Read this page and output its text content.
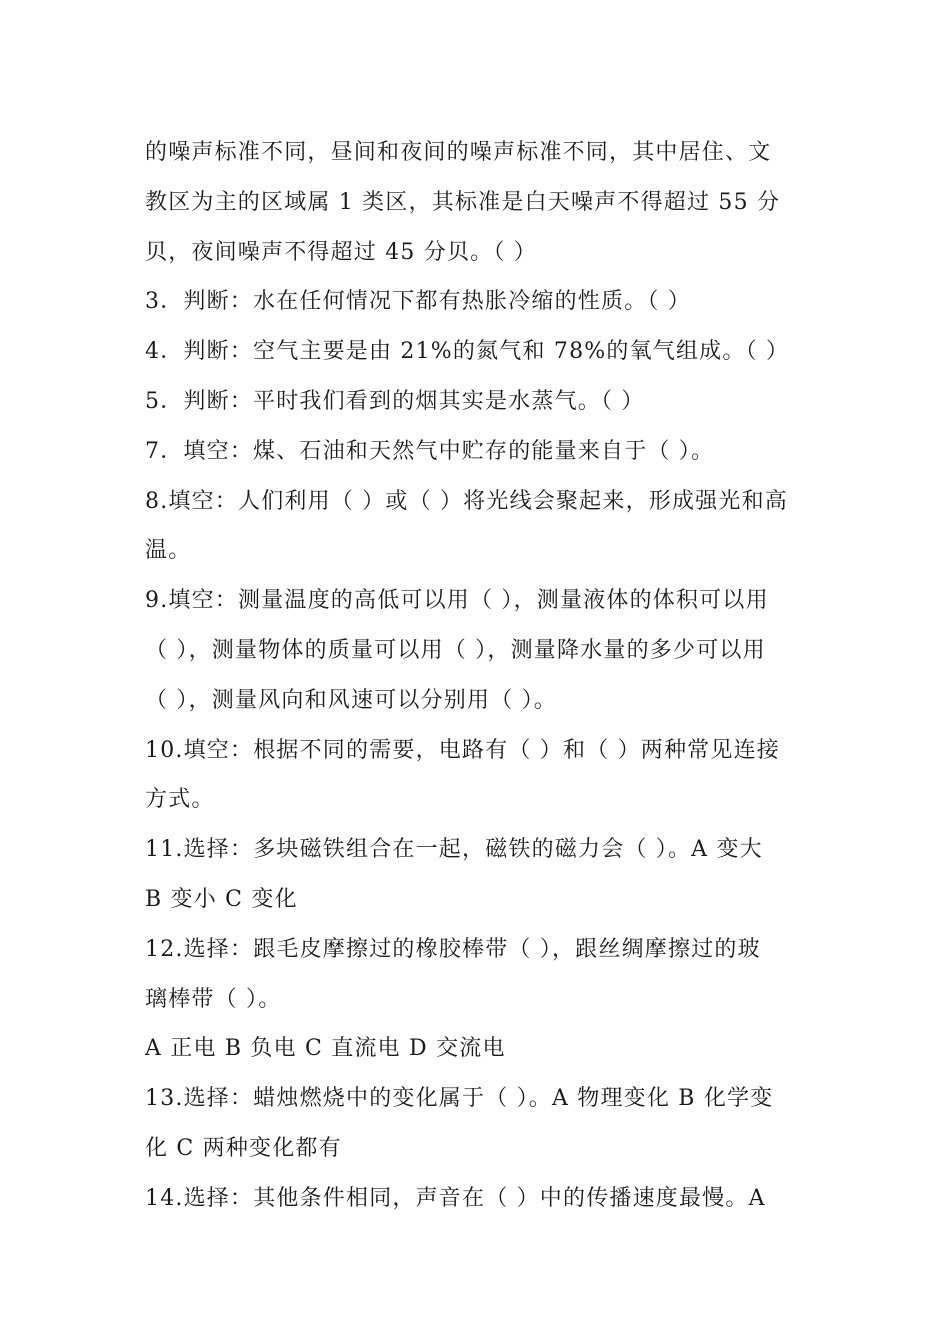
的噪声标准不同，昼间和夜间的噪声标准不同，其中居住、文
教区为主的区域属 1 类区，其标准是白天噪声不得超过 55 分
贝，夜间噪声不得超过 45 分贝。（ ）
3．判断：水在任何情况下都有热胀冷缩的性质。（ ）
4．判断：空气主要是由 21%的氮气和 78%的氧气组成。（ ）
5．判断：平时我们看到的烟其实是水蒸气。（ ）
7．填空：煤、石油和天然气中贮存的能量来自于（ ）。
8.填空：人们利用（ ）或（ ）将光线会聚起来，形成强光和高
温。
9.填空：测量温度的高低可以用（ ），测量液体的体积可以用
（ ），测量物体的质量可以用（ ），测量降水量的多少可以用
（ ），测量风向和风速可以分别用（ ）。
10.填空：根据不同的需要，电路有（ ）和（ ）两种常见连接
方式。
11.选择：多块磁铁组合在一起，磁铁的磁力会（ ）。A 变大
B 变小 C 变化
12.选择：跟毛皮摩擦过的橡胶棒带（ ），跟丝绸摩擦过的玻
璃棒带（ ）。
A 正电 B 负电 C 直流电 D 交流电
13.选择：蜡烛燃烧中的变化属于（ ）。A 物理变化 B 化学变
化 C 两种变化都有
14.选择：其他条件相同，声音在（ ）中的传播速度最慢。A
